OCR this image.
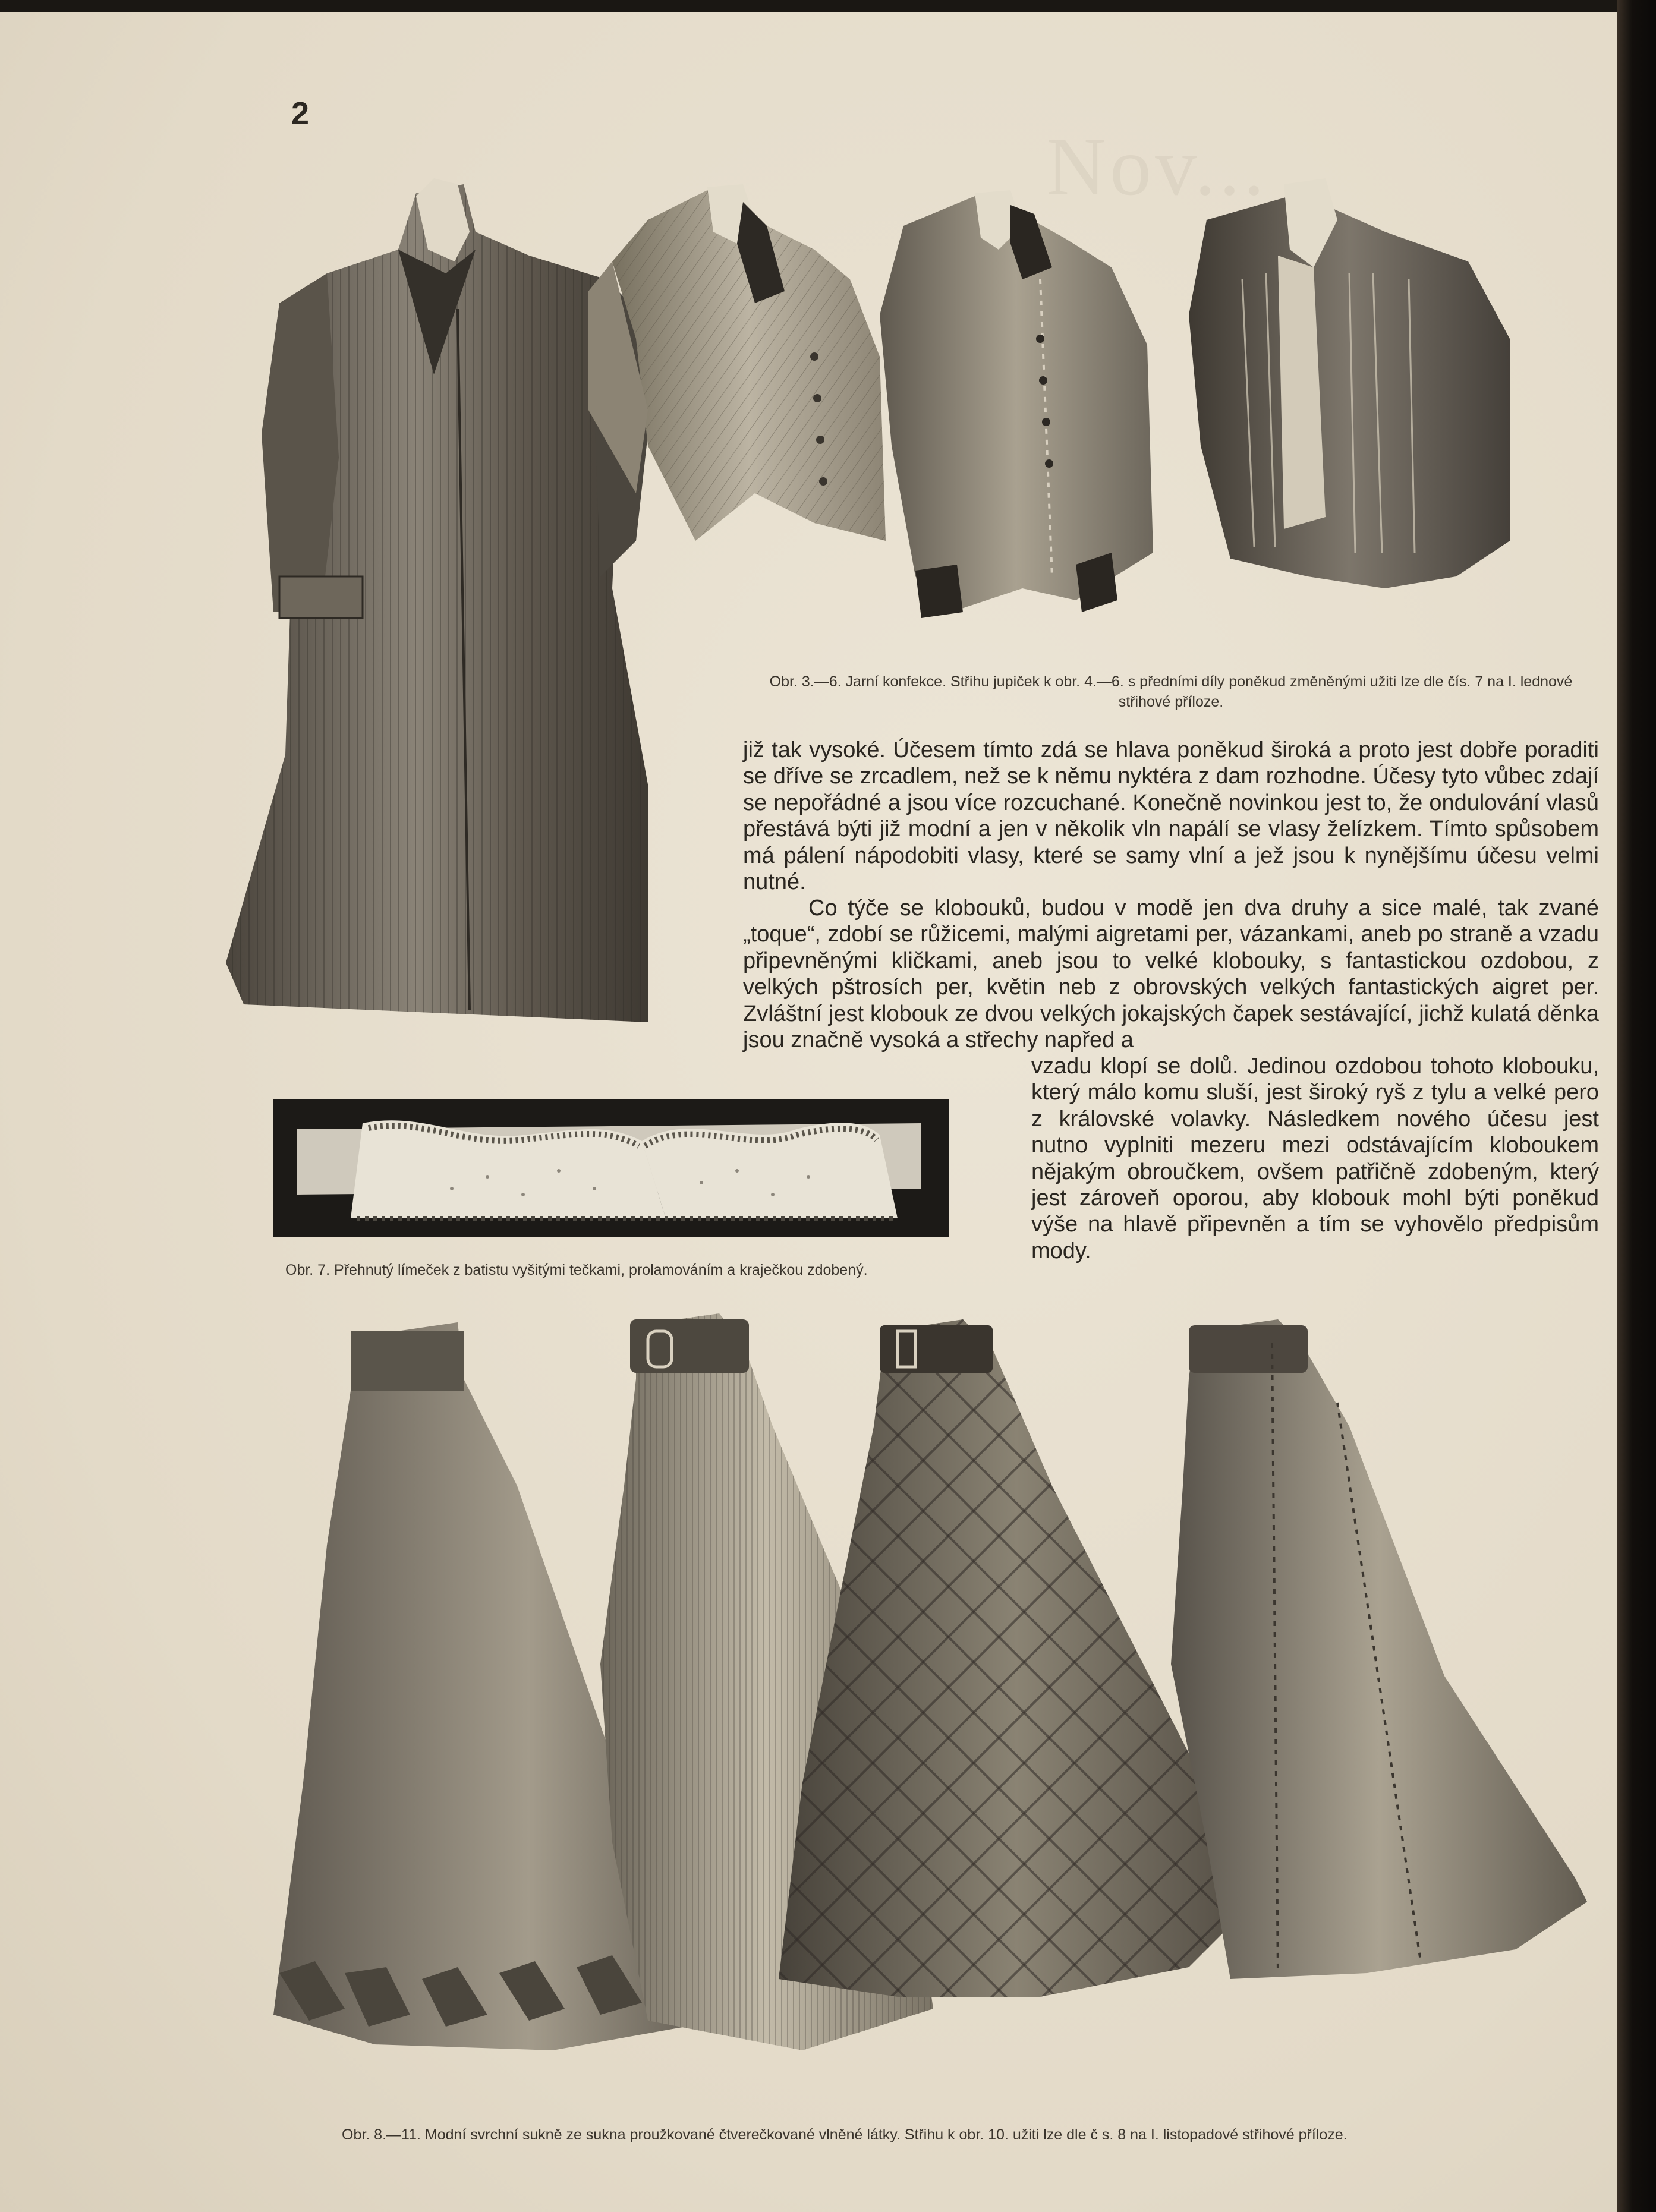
Nov...
2
Obr. 3.—6. Jarní konfekce. Střihu jupiček k obr. 4.—6. s předními díly poněkud změněnými užiti lze dle čís. 7 na I. lednové střihové příloze.
již tak vysoké. Účesem tímto zdá se hlava poněkud široká a proto jest dobře poraditi se dříve se zrcadlem, než se k němu nyktéra z dam rozhodne. Účesy tyto vůbec zdají se nepořádné a jsou více rozcuchané. Konečně novinkou jest to, že ondulování vlasů přestává býti již modní a jen v několik vln napálí se vlasy želízkem. Tímto spůsobem má pálení nápodobiti vlasy, které se samy vlní a jež jsou k nynějšímu účesu velmi nutné.
Co týče se klobouků, budou v modě jen dva druhy a sice malé, tak zvané „toque“, zdobí se růžicemi, malými aigretami per, vázankami, aneb po straně a vzadu připevněnými kličkami, aneb jsou to velké klobouky, s fantastickou ozdobou, z velkých pštrosích per, květin neb z obrovských velkých fantastických aigret per. Zvláštní jest klobouk ze dvou velkých jokajských čapek sestávající, jichž kulatá děnka jsou značně vysoká a střechy napřed a
vzadu klopí se dolů. Jedinou ozdobou tohoto klobouku, který málo komu sluší, jest široký ryš z tylu a velké pero z královské volavky. Následkem nového účesu jest nutno vyplniti mezeru mezi odstávajícím kloboukem nějakým obroučkem, ovšem patřičně zdobeným, který jest zároveň oporou, aby klobouk mohl býti poněkud výše na hlavě připevněn a tím se vyhovělo předpisům mody.
Obr. 7. Přehnutý límeček z batistu vyšitými tečkami, prolamováním a kraječkou zdobený.
Obr. 8.—11. Modní svrchní sukně ze sukna proužkované čtverečkované vlněné látky. Střihu k obr. 10. užiti lze dle č s. 8 na I. listopadové střihové příloze.
